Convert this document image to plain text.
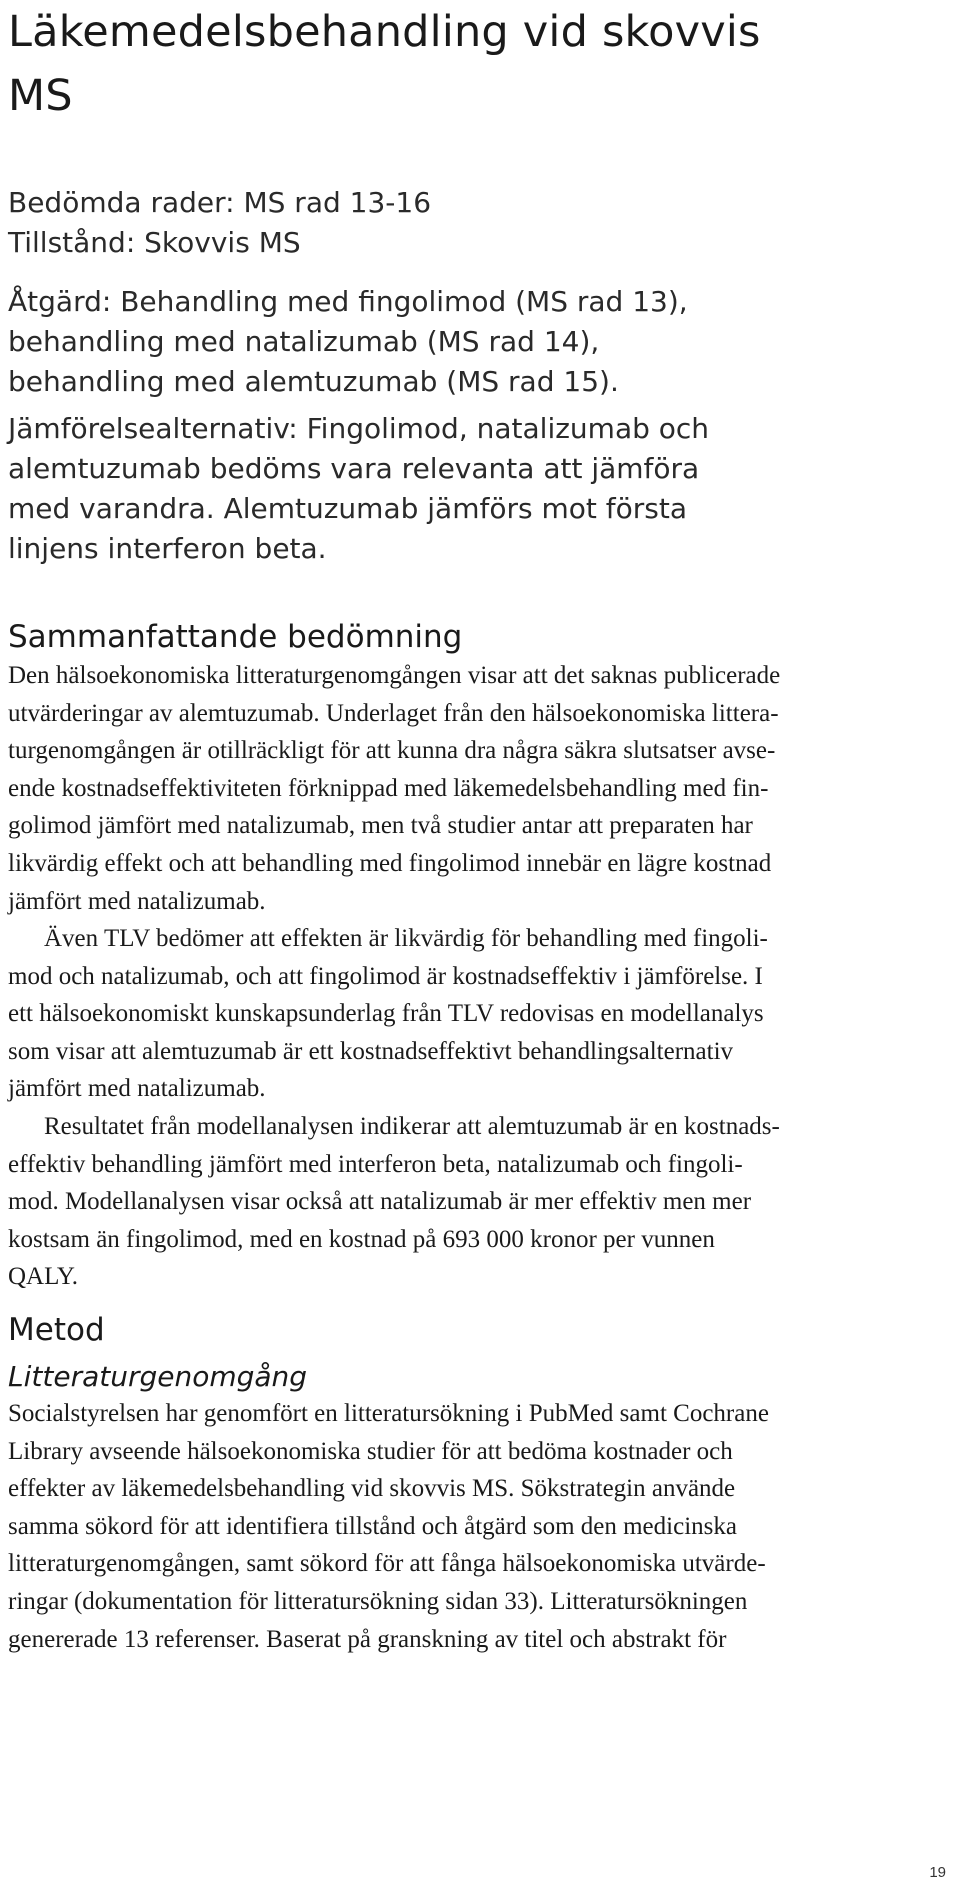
Läkemedelsbehandling vid skovvis
MS
Bedömda rader: MS rad 13-16
Tillstånd: Skovvis MS
Åtgärd: Behandling med fingolimod (MS rad 13),
behandling med natalizumab (MS rad 14),
behandling med alemtuzumab (MS rad 15).
Jämförelsealternativ: Fingolimod, natalizumab och
alemtuzumab bedöms vara relevanta att jämföra
med varandra. Alemtuzumab jämförs mot första
linjens interferon beta.
Sammanfattande bedömning
Den hälsoekonomiska litteraturgenomgången visar att det saknas publicerade
utvärderingar av alemtuzumab. Underlaget från den hälsoekonomiska littera-
turgenomgången är otillräckligt för att kunna dra några säkra slutsatser avse-
ende kostnadseffektiviteten förknippad med läkemedelsbehandling med fin-
golimod jämfört med natalizumab, men två studier antar att preparaten har
likvärdig effekt och att behandling med fingolimod innebär en lägre kostnad
jämfört med natalizumab.
Även TLV bedömer att effekten är likvärdig för behandling med fingoli-
mod och natalizumab, och att fingolimod är kostnadseffektiv i jämförelse. I
ett hälsoekonomiskt kunskapsunderlag från TLV redovisas en modellanalys
som visar att alemtuzumab är ett kostnadseffektivt behandlingsalternativ
jämfört med natalizumab.
Resultatet från modellanalysen indikerar att alemtuzumab är en kostnads-
effektiv behandling jämfört med interferon beta, natalizumab och fingoli-
mod. Modellanalysen visar också att natalizumab är mer effektiv men mer
kostsam än fingolimod, med en kostnad på 693 000 kronor per vunnen
QALY.
Metod
Litteraturgenomgång
Socialstyrelsen har genomfört en litteratursökning i PubMed samt Cochrane
Library avseende hälsoekonomiska studier för att bedöma kostnader och
effekter av läkemedelsbehandling vid skovvis MS. Sökstrategin använde
samma sökord för att identifiera tillstånd och åtgärd som den medicinska
litteraturgenomgången, samt sökord för att fånga hälsoekonomiska utvärde-
ringar (dokumentation för litteratursökning sidan 33). Litteratursökningen
genererade 13 referenser. Baserat på granskning av titel och abstrakt för
19
